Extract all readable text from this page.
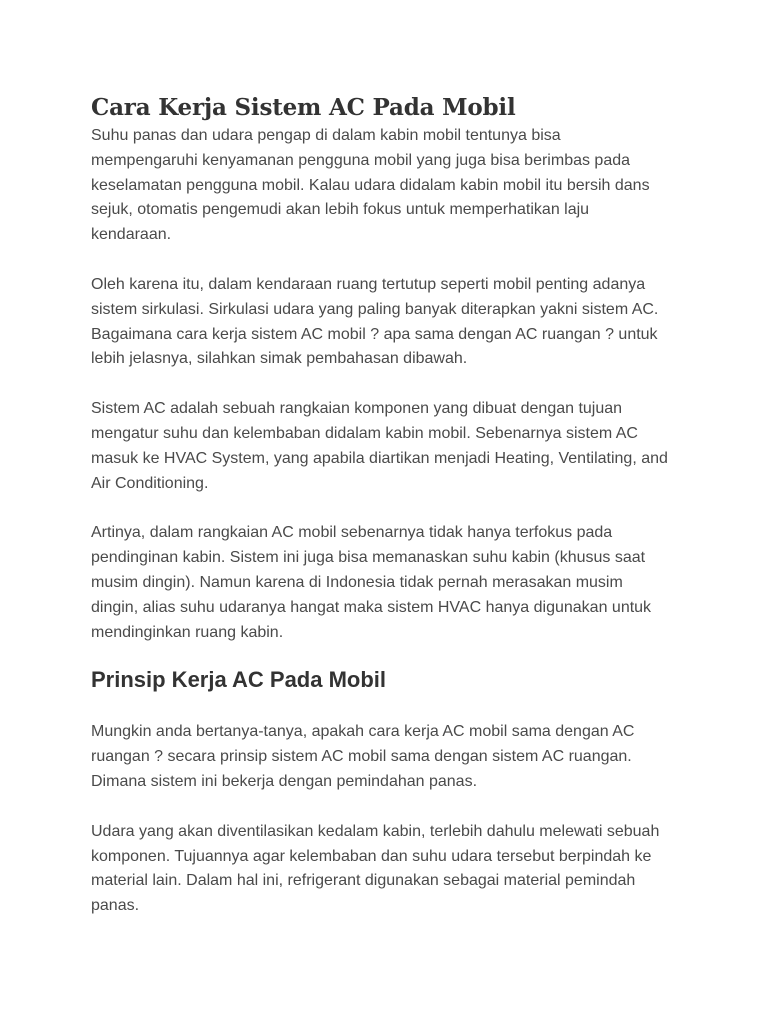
Cara Kerja Sistem AC Pada Mobil

Suhu panas dan udara pengap di dalam kabin mobil tentunya bisa mempengaruhi kenyamanan pengguna mobil yang juga bisa berimbas pada keselamatan pengguna mobil. Kalau udara didalam kabin mobil itu bersih dans sejuk, otomatis pengemudi akan lebih fokus untuk memperhatikan laju kendaraan.

Oleh karena itu, dalam kendaraan ruang tertutup seperti mobil penting adanya sistem sirkulasi. Sirkulasi udara yang paling banyak diterapkan yakni sistem AC. Bagaimana cara kerja sistem AC mobil ? apa sama dengan AC ruangan ? untuk lebih jelasnya, silahkan simak pembahasan dibawah.

Sistem AC adalah sebuah rangkaian komponen yang dibuat dengan tujuan mengatur suhu dan kelembaban didalam kabin mobil. Sebenarnya sistem AC masuk ke HVAC System, yang apabila diartikan menjadi Heating, Ventilating, and Air Conditioning.

Artinya, dalam rangkaian AC mobil sebenarnya tidak hanya terfokus pada pendinginan kabin. Sistem ini juga bisa memanaskan suhu kabin (khusus saat musim dingin). Namun karena di Indonesia tidak pernah merasakan musim dingin, alias suhu udaranya hangat maka sistem HVAC hanya digunakan untuk mendinginkan ruang kabin.

Prinsip Kerja AC Pada Mobil

Mungkin anda bertanya-tanya, apakah cara kerja AC mobil sama dengan AC ruangan ? secara prinsip sistem AC mobil sama dengan sistem AC ruangan. Dimana sistem ini bekerja dengan pemindahan panas.

Udara yang akan diventilasikan kedalam kabin, terlebih dahulu melewati sebuah komponen. Tujuannya agar kelembaban dan suhu udara tersebut berpindah ke material lain. Dalam hal ini, refrigerant digunakan sebagai material pemindah panas.
